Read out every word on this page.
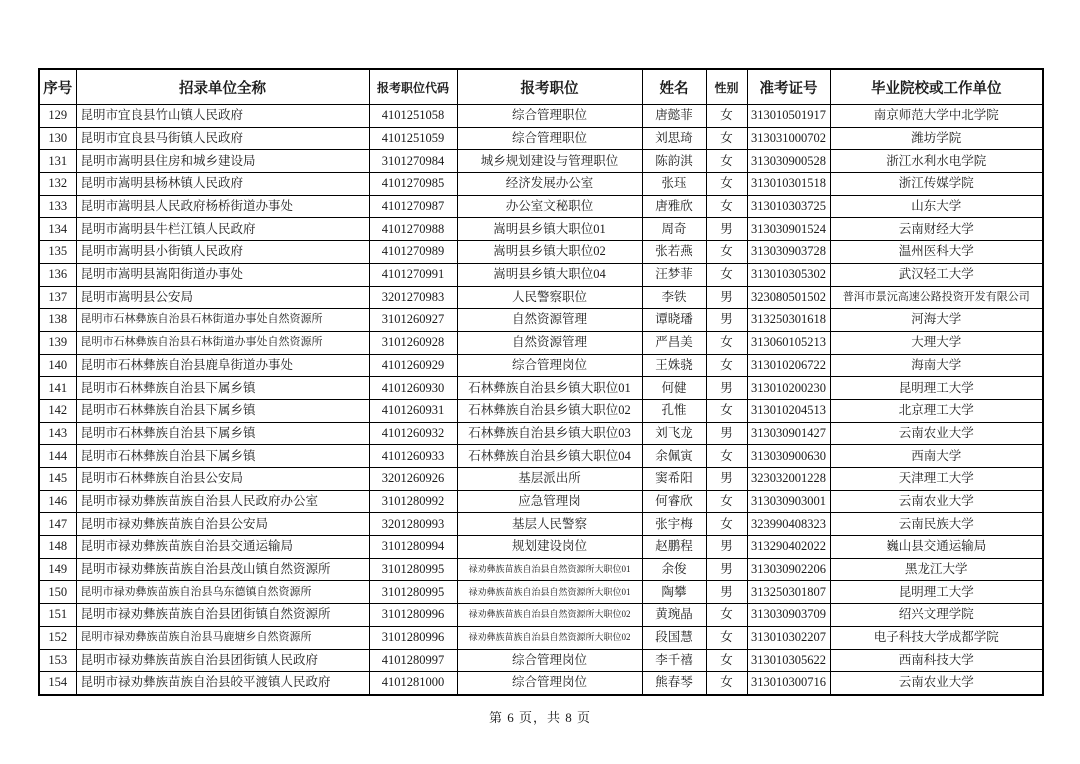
序号	招录单位全称	报考职位代码	报考职位	姓名	性别	准考证号	毕业院校或工作单位
129	昆明市宜良县竹山镇人民政府	4101251058	综合管理职位	唐懿菲	女	313010501917	南京师范大学中北学院
130	昆明市宜良县马街镇人民政府	4101251059	综合管理职位	刘思琦	女	313031000702	潍坊学院
131	昆明市嵩明县住房和城乡建设局	3101270984	城乡规划建设与管理职位	陈韵淇	女	313030900528	浙江水利水电学院
132	昆明市嵩明县杨林镇人民政府	4101270985	经济发展办公室	张珏	女	313010301518	浙江传媒学院
133	昆明市嵩明县人民政府杨桥街道办事处	4101270987	办公室文秘职位	唐雅欣	女	313010303725	山东大学
134	昆明市嵩明县牛栏江镇人民政府	4101270988	嵩明县乡镇大职位01	周奇	男	313030901524	云南财经大学
135	昆明市嵩明县小街镇人民政府	4101270989	嵩明县乡镇大职位02	张若燕	女	313030903728	温州医科大学
136	昆明市嵩明县嵩阳街道办事处	4101270991	嵩明县乡镇大职位04	汪梦菲	女	313010305302	武汉轻工大学
137	昆明市嵩明县公安局	3201270983	人民警察职位	李铁	男	323080501502	普洱市景沅高速公路投资开发有限公司
138	昆明市石林彝族自治县石林街道办事处自然资源所	3101260927	自然资源管理	谭晓璠	男	313250301618	河海大学
139	昆明市石林彝族自治县石林街道办事处自然资源所	3101260928	自然资源管理	严昌美	女	313060105213	大理大学
140	昆明市石林彝族自治县鹿阜街道办事处	4101260929	综合管理岗位	王姝骁	女	313010206722	海南大学
141	昆明市石林彝族自治县下属乡镇	4101260930	石林彝族自治县乡镇大职位01	何健	男	313010200230	昆明理工大学
142	昆明市石林彝族自治县下属乡镇	4101260931	石林彝族自治县乡镇大职位02	孔惟	女	313010204513	北京理工大学
143	昆明市石林彝族自治县下属乡镇	4101260932	石林彝族自治县乡镇大职位03	刘飞龙	男	313030901427	云南农业大学
144	昆明市石林彝族自治县下属乡镇	4101260933	石林彝族自治县乡镇大职位04	余佩寅	女	313030900630	西南大学
145	昆明市石林彝族自治县公安局	3201260926	基层派出所	窦希阳	男	323032001228	天津理工大学
146	昆明市禄劝彝族苗族自治县人民政府办公室	3101280992	应急管理岗	何睿欣	女	313030903001	云南农业大学
147	昆明市禄劝彝族苗族自治县公安局	3201280993	基层人民警察	张宇梅	女	323990408323	云南民族大学
148	昆明市禄劝彝族苗族自治县交通运输局	3101280994	规划建设岗位	赵鹏程	男	313290402022	巍山县交通运输局
149	昆明市禄劝彝族苗族自治县茂山镇自然资源所	3101280995	禄劝彝族苗族自治县自然资源所大职位01	余俊	男	313030902206	黑龙江大学
150	昆明市禄劝彝族苗族自治县乌东德镇自然资源所	3101280995	禄劝彝族苗族自治县自然资源所大职位01	陶攀	男	313250301807	昆明理工大学
151	昆明市禄劝彝族苗族自治县团街镇自然资源所	3101280996	禄劝彝族苗族自治县自然资源所大职位02	黄琬晶	女	313030903709	绍兴文理学院
152	昆明市禄劝彝族苗族自治县马鹿塘乡自然资源所	3101280996	禄劝彝族苗族自治县自然资源所大职位02	段国慧	女	313010302207	电子科技大学成都学院
153	昆明市禄劝彝族苗族自治县团街镇人民政府	4101280997	综合管理岗位	李千禧	女	313010305622	西南科技大学
154	昆明市禄劝彝族苗族自治县皎平渡镇人民政府	4101281000	综合管理岗位	熊春琴	女	313010300716	云南农业大学
第 6 页，共 8 页
